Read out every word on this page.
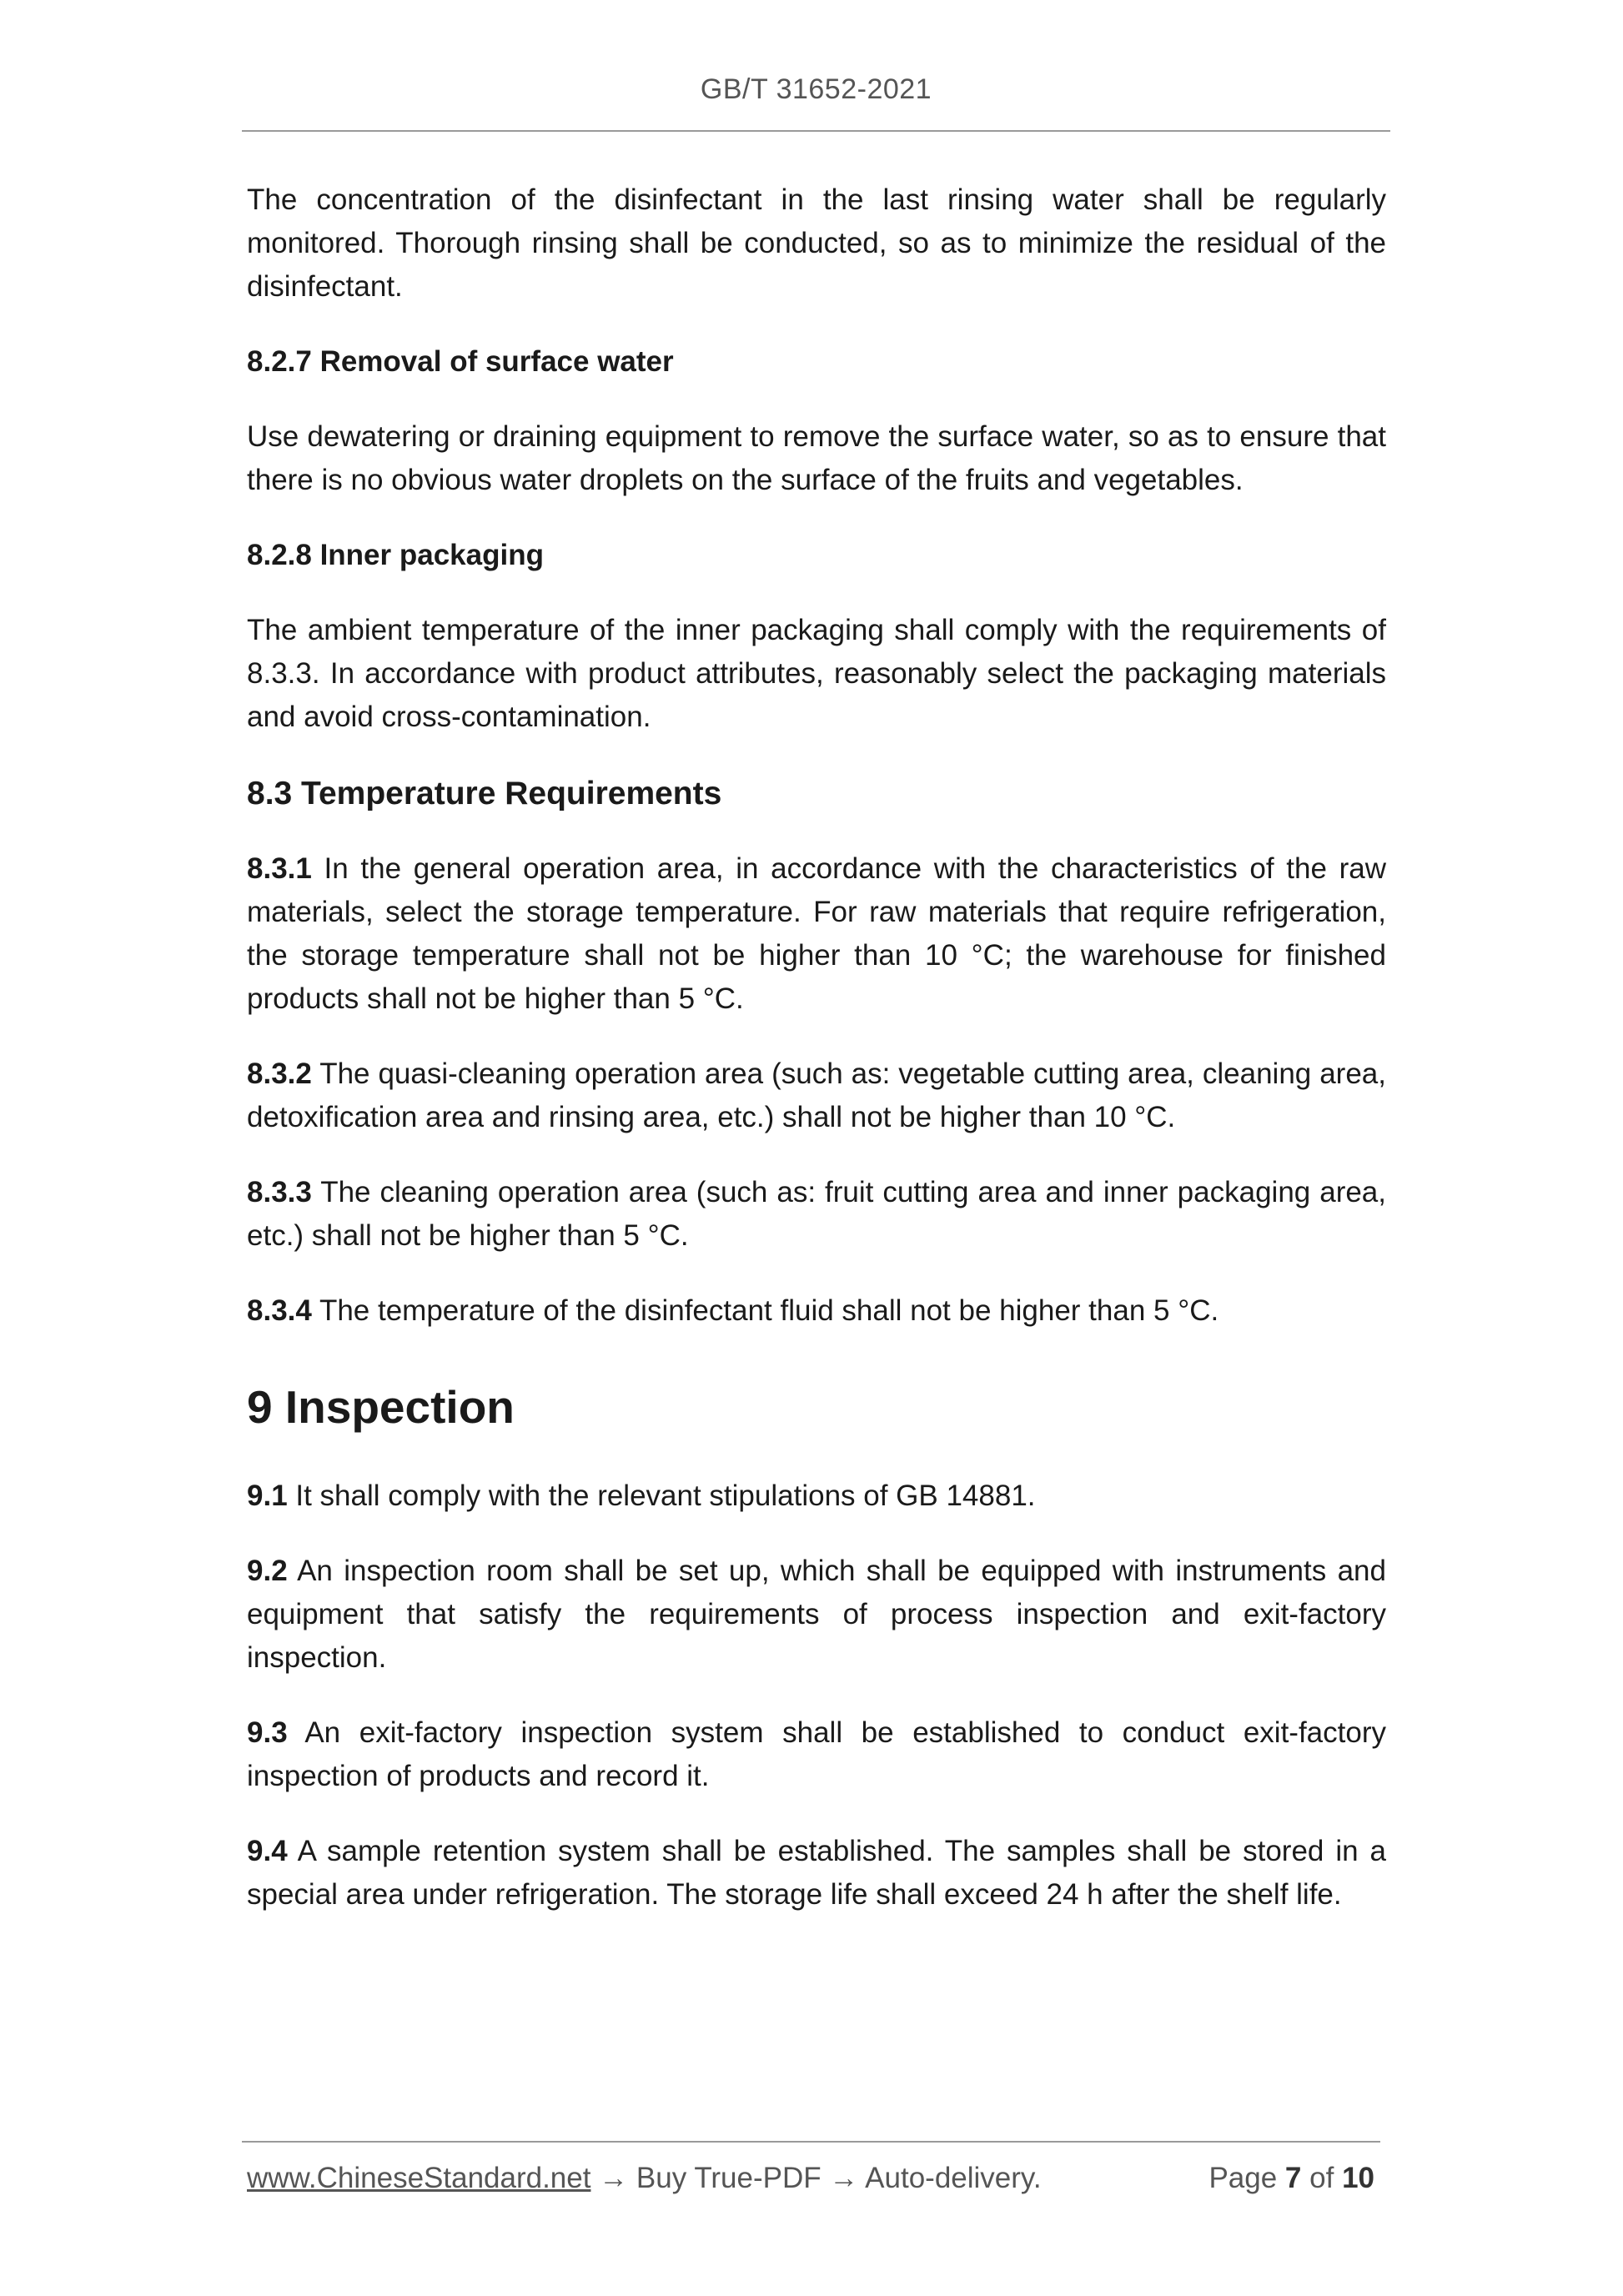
GB/T 31652-2021

The concentration of the disinfectant in the last rinsing water shall be regularly monitored. Thorough rinsing shall be conducted, so as to minimize the residual of the disinfectant.

8.2.7 Removal of surface water

Use dewatering or draining equipment to remove the surface water, so as to ensure that there is no obvious water droplets on the surface of the fruits and vegetables.

8.2.8 Inner packaging

The ambient temperature of the inner packaging shall comply with the requirements of 8.3.3. In accordance with product attributes, reasonably select the packaging materials and avoid cross-contamination.

8.3 Temperature Requirements

8.3.1 In the general operation area, in accordance with the characteristics of the raw materials, select the storage temperature. For raw materials that require refrigeration, the storage temperature shall not be higher than 10 °C; the warehouse for finished products shall not be higher than 5 °C.

8.3.2 The quasi-cleaning operation area (such as: vegetable cutting area, cleaning area, detoxification area and rinsing area, etc.) shall not be higher than 10 °C.

8.3.3 The cleaning operation area (such as: fruit cutting area and inner packaging area, etc.) shall not be higher than 5 °C.

8.3.4 The temperature of the disinfectant fluid shall not be higher than 5 °C.

9 Inspection

9.1 It shall comply with the relevant stipulations of GB 14881.

9.2 An inspection room shall be set up, which shall be equipped with instruments and equipment that satisfy the requirements of process inspection and exit-factory inspection.

9.3 An exit-factory inspection system shall be established to conduct exit-factory inspection of products and record it.

9.4 A sample retention system shall be established. The samples shall be stored in a special area under refrigeration. The storage life shall exceed 24 h after the shelf life.

www.ChineseStandard.net → Buy True-PDF → Auto-delivery.	Page 7 of 10
